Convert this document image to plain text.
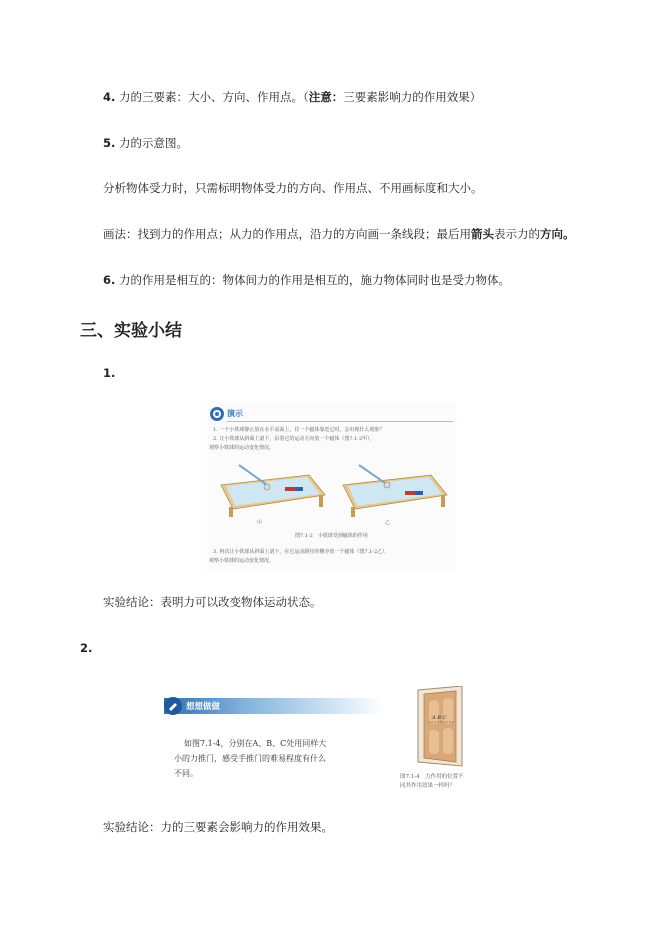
4. 力的三要素：大小、方向、作用点。（注意：三要素影响力的作用效果）
5. 力的示意图。
分析物体受力时，只需标明物体受力的方向、作用点、不用画标度和大小。
画法：找到力的作用点；从力的作用点，沿力的方向画一条线段；最后用箭头表示力的方向。
6. 力的作用是相互的：物体间力的作用是相互的，施力物体同时也是受力物体。
三、实验小结
1.
演示
1. 一个小铁球静止放在水平桌面上，往一个磁体靠近它时，会出现什么现象？
2. 让小铁球从斜面上滚下，沿着它的运动方向放一个磁体（图7.1-2甲），
观察小铁球的运动变化情况。
甲	乙
图7.1-2　小铁球受到磁体的作用
3. 再次让小铁球从斜面上滚下，在它运动路径的侧旁放一个磁体（图7.1-2乙），
观察小铁球的运动变化情况。
实验结论：表明力可以改变物体运动状态。
2.
想想做做
如图7.1-4，分别在A、B、C处用同样大
小的力推门，感受手推门的难易程度有什么
不同。
A B C
图7.1-4　力作用的位置不
同其作用效果一样吗？
实验结论：力的三要素会影响力的作用效果。
